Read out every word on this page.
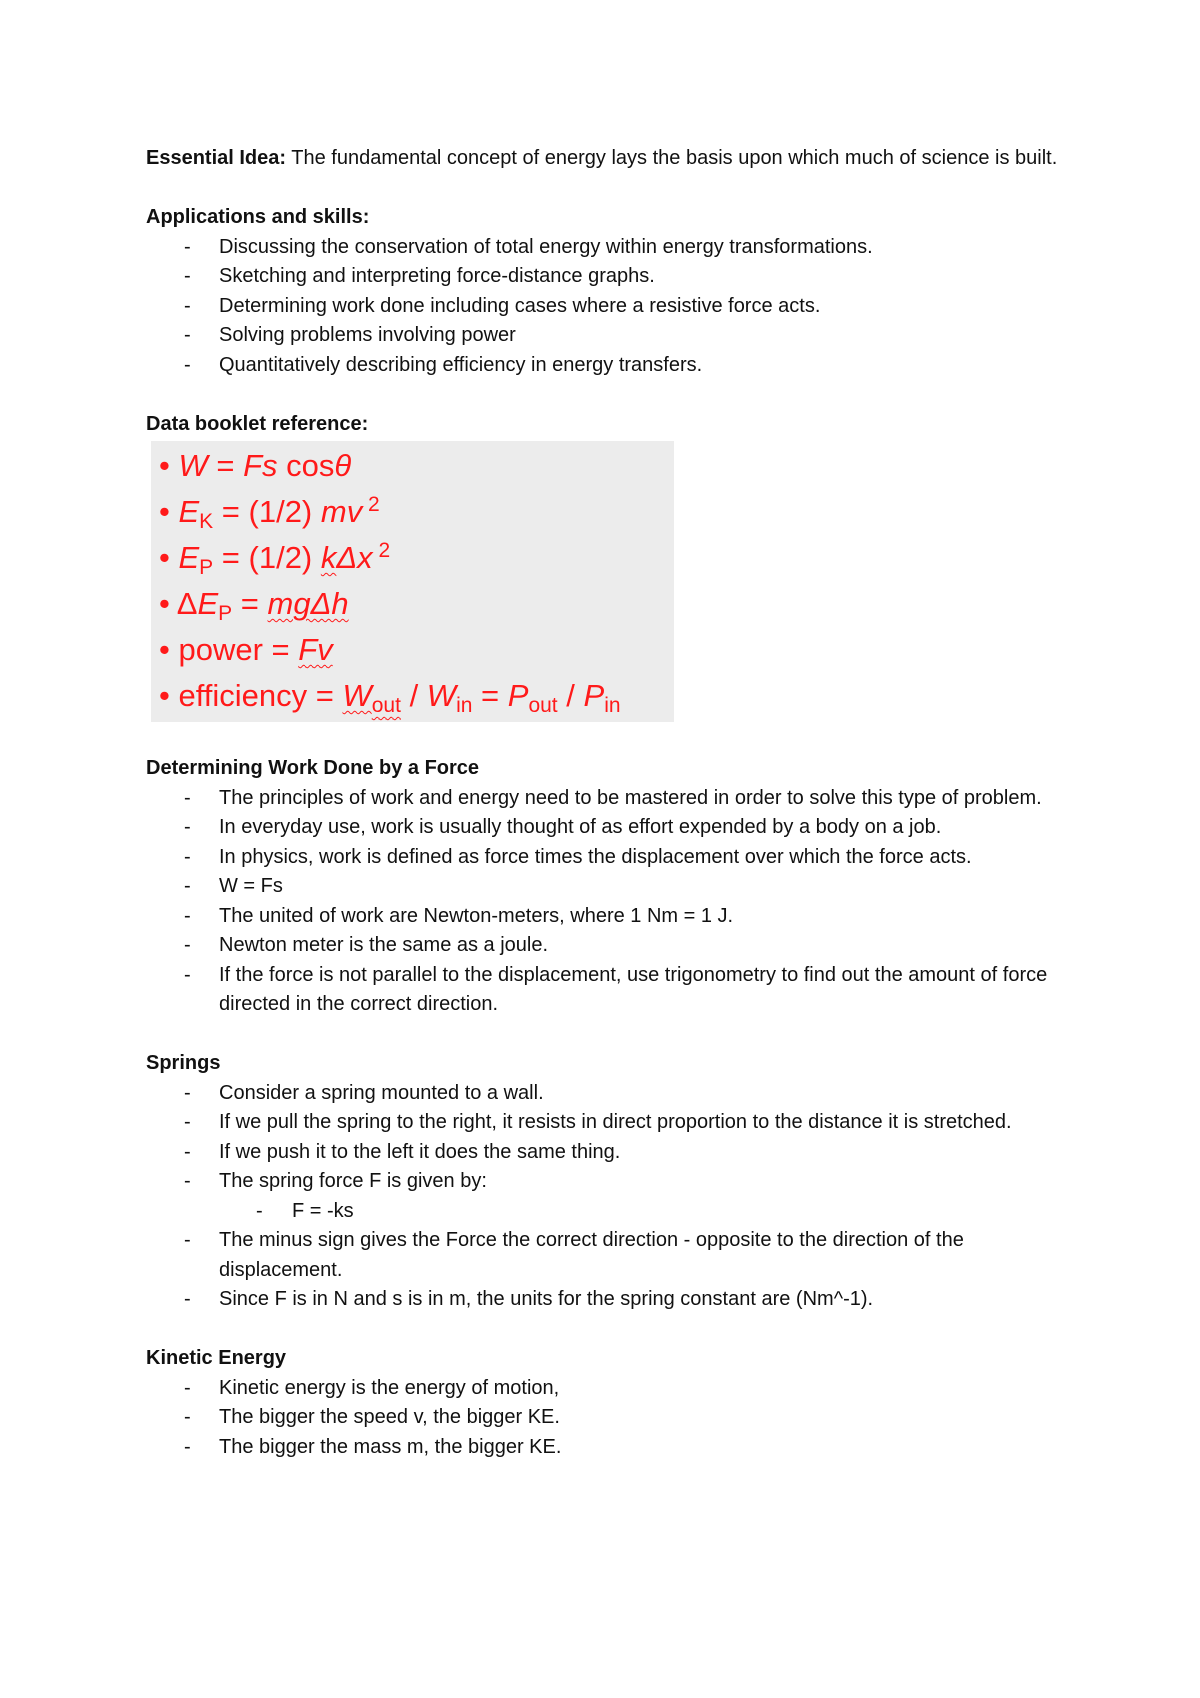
Essential Idea: The fundamental concept of energy lays the basis upon which much of science is built.

Applications and skills:

- Discussing the conservation of total energy within energy transformations.
- Sketching and interpreting force-distance graphs.
- Determining work done including cases where a resistive force acts.
- Solving problems involving power
- Quantitatively describing efficiency in energy transfers.

Data booklet reference:

• W = Fs cosθ
• $E_K = (1/2)$ mv $^2$
• $E_P = (1/2)$ kΔx $^2$
• $\Delta E_P = mg\Delta h$
• power = Fv
• efficiency = $W_{out} / W_{in} = P_{out} / P_{in}$

Determining Work Done by a Force

- The principles of work and energy need to be mastered in order to solve this type of problem.
- In everyday use, work is usually thought of as effort expended by a body on a job.
- In physics, work is defined as force times the displacement over which the force acts.
- W = Fs
- The united of work are Newton-meters, where 1 Nm = 1 J.
- Newton meter is the same as a joule.
- If the force is not parallel to the displacement, use trigonometry to find out the amount of force directed in the correct direction.

Springs

- Consider a spring mounted to a wall.
- If we pull the spring to the right, it resists in direct proportion to the distance it is stretched.
- If we push it to the left it does the same thing.
- The spring force F is given by:
- F = -ks
- The minus sign gives the Force the correct direction - opposite to the direction of the displacement.
- Since F is in N and s is in m, the units for the spring constant are (Nm^-1).

Kinetic Energy

- Kinetic energy is the energy of motion,
- The bigger the speed v, the bigger KE.
- The bigger the mass m, the bigger KE.
